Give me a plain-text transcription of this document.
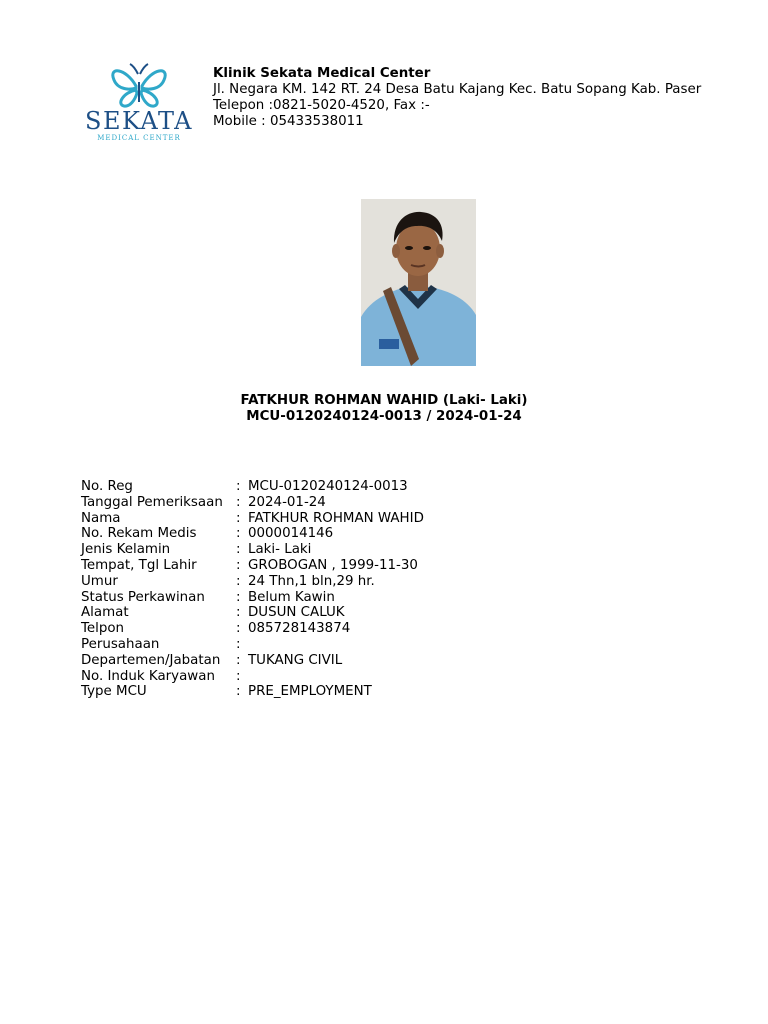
SEKATA
MEDICAL CENTER
Klinik Sekata Medical Center
Jl. Negara KM. 142 RT. 24 Desa Batu Kajang Kec. Batu Sopang Kab. Paser
Telepon :0821-5020-4520, Fax :-
Mobile : 05433538011
FATKHUR ROHMAN WAHID (Laki- Laki)
MCU-0120240124-0013 / 2024-01-24
No. Reg	: MCU-0120240124-0013
Tanggal Pemeriksaan : 2024-01-24
Nama	: FATKHUR ROHMAN WAHID
No. Rekam Medis	: 0000014146
Jenis Kelamin	: Laki- Laki
Tempat, Tgl Lahir	: GROBOGAN , 1999-11-30
Umur	: 24 Thn,1 bln,29 hr.
Status Perkawinan	: Belum Kawin
Alamat	: DUSUN CALUK
Telpon	: 085728143874
Perusahaan	:
Departemen/Jabatan	: TUKANG CIVIL
No. Induk Karyawan	:
Type MCU	: PRE_EMPLOYMENT
